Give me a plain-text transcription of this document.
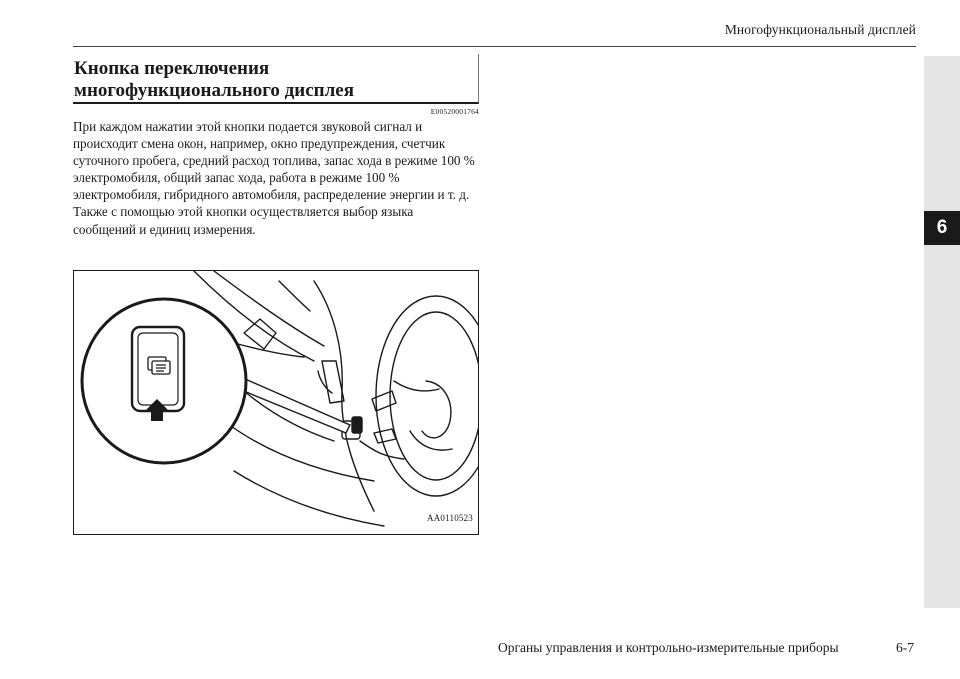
Многофункциональный дисплей
6
Кнопка переключения многофункционального дисплея
E00520001764

При каждом нажатии этой кнопки подается звуковой сигнал и происходит смена окон, например, окно предупреждения, счетчик суточного пробега, средний расход топлива, запас хода в режиме 100 % электромобиля, общий запас хода, работа в режиме 100 % электромобиля, гибридного автомобиля, распределение энергии и т. д.

Также с помощью этой кнопки осуществляется выбор языка сообщений и единиц измерения.

AA0110523
Органы управления и контрольно-измерительные приборы	6-7
